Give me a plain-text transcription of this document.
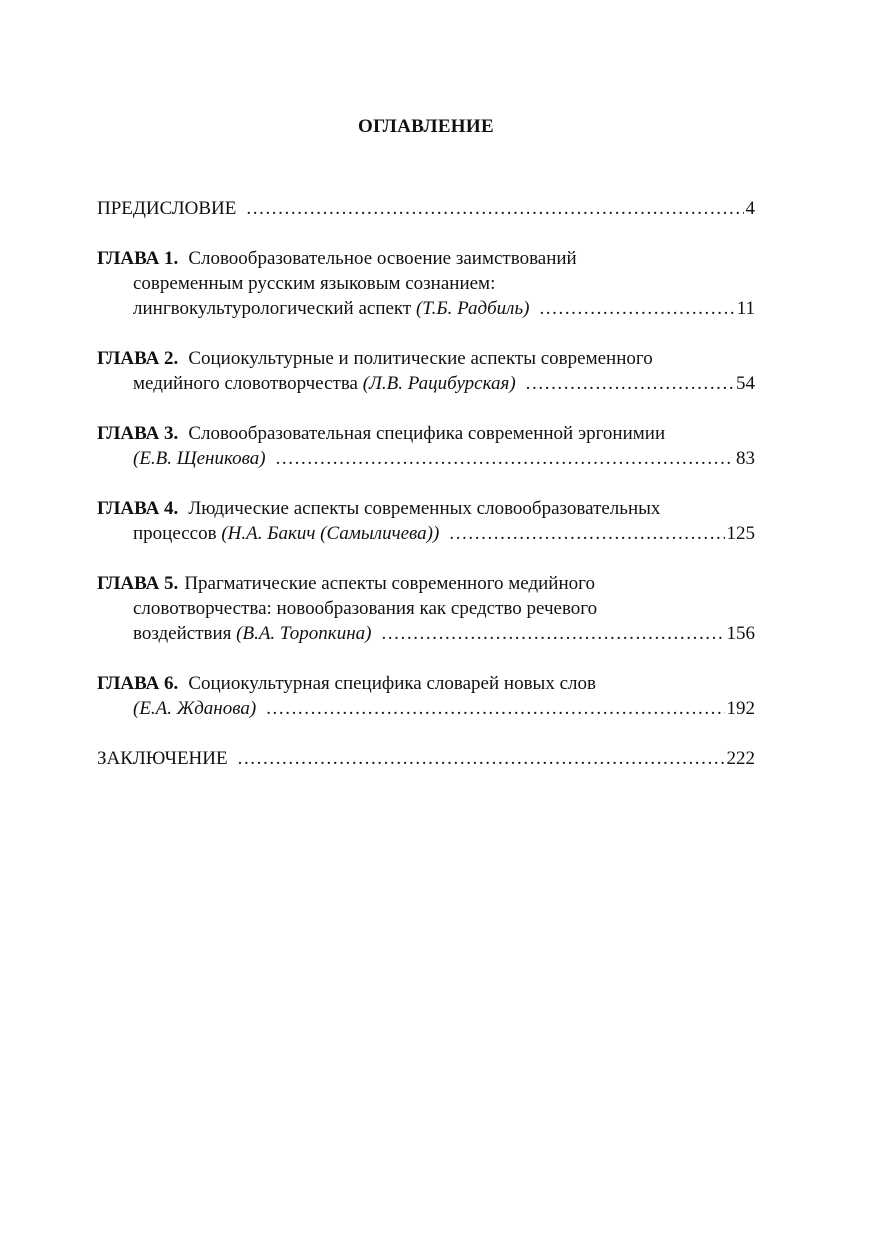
ОГЛАВЛЕНИЕ
ПРЕДИСЛОВИЕ .....	4
ГЛАВА 1. Словообразовательное освоение заимствований
современным русским языковым сознанием:
лингвокультурологический аспект
(Т.Б. Радбиль) .....	11
ГЛАВА 2. Социокультурные и политические аспекты современного
медийного словотворчества
(Л.В. Рацибурская) .....	54
ГЛАВА 3. Словообразовательная специфика современной эргонимии
(Е.В. Щеникова) .....	83
ГЛАВА 4. Людические аспекты современных словообразовательных
процессов
(Н.А. Бакич (Самыличева)) .....	125
ГЛАВА 5. Прагматические аспекты современного медийного
словотворчества: новообразования как средство речевого
воздействия
(В.А. Торопкина) .....	156
ГЛАВА 6. Социокультурная специфика словарей новых слов
(Е.А. Жданова) .....	192
ЗАКЛЮЧЕНИЕ .....	222
